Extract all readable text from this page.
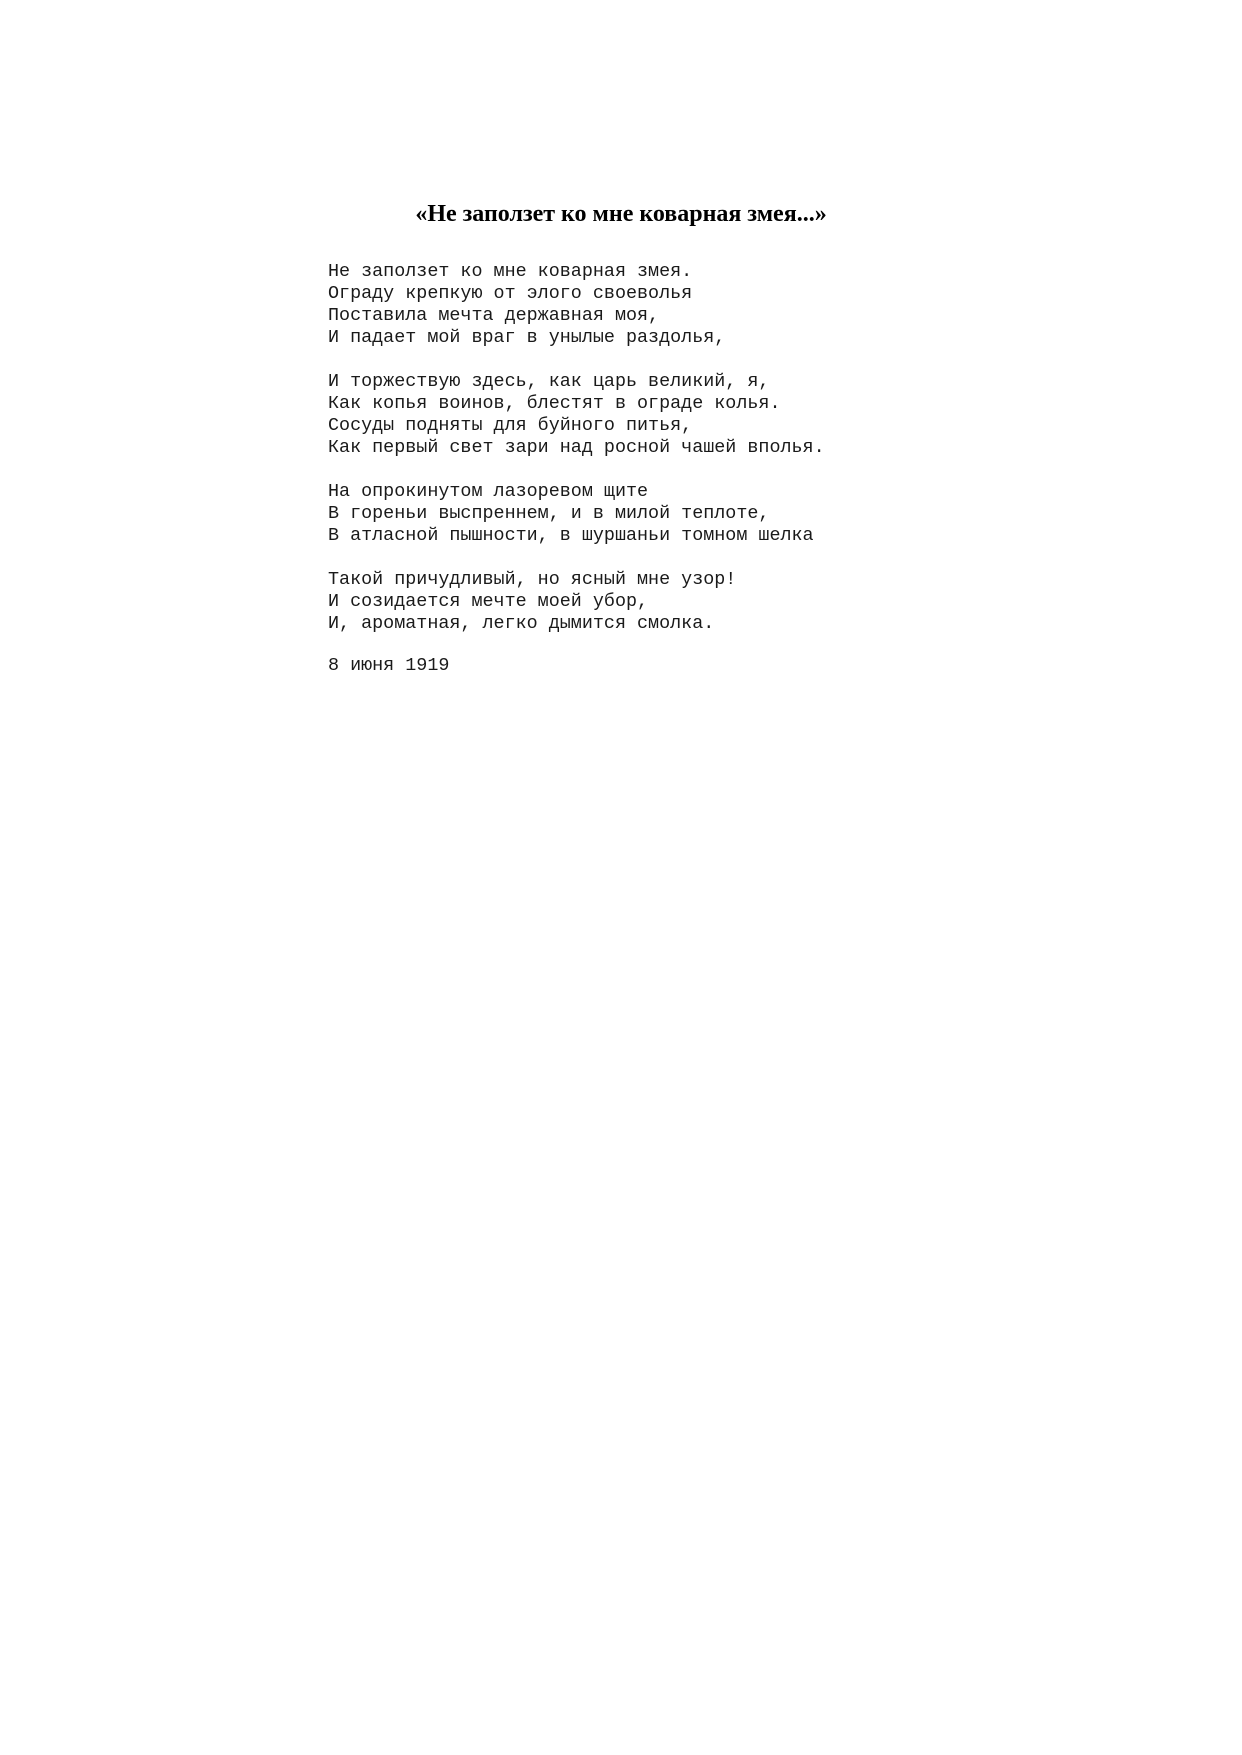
«Не заползет ко мне коварная змея...»
Не заползет ко мне коварная змея.
Ограду крепкую от элого своеволья
Поставила мечта державная моя,
И падает мой враг в унылые раздолья,
И торжествую здесь, как царь великий, я,
Как копья воинов, блестят в ограде колья.
Сосуды подняты для буйного питья,
Как первый свет зари над росной чашей вполья.
На опрокинутом лазоревом щите
В гореньи выспреннем, и в милой теплоте,
В атласной пышности, в шуршаньи томном шелка
Такой причудливый, но ясный мне узор!
И созидается мечте моей убор,
И, ароматная, легко дымится смолка.
8 июня 1919
